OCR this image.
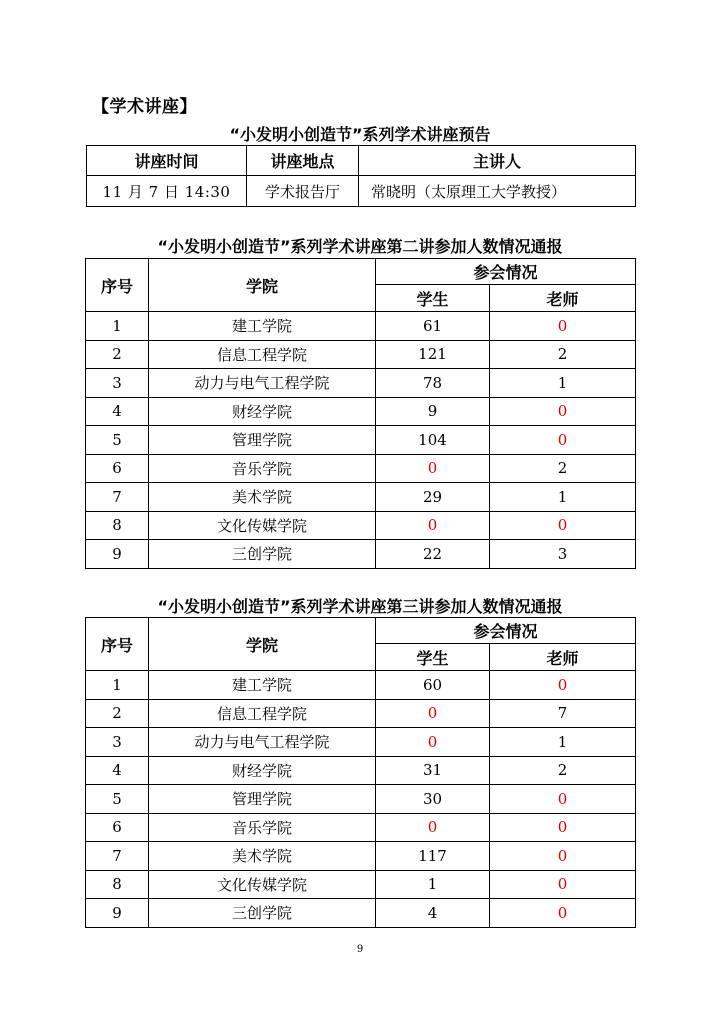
【学术讲座】
“小发明小创造节”系列学术讲座预告
讲座时间	讲座地点	主讲人
11 月 7 日 14:30	学术报告厅	常晓明（太原理工大学教授）
“小发明小创造节”系列学术讲座第二讲参加人数情况通报
序号	学院	参会情况	
		学生	老师
1	建工学院	61	0
2	信息工程学院	121	2
3	动力与电气工程学院	78	1
4	财经学院	9	0
5	管理学院	104	0
6	音乐学院	0	2
7	美术学院	29	1
8	文化传媒学院	0	0
9	三创学院	22	3
“小发明小创造节”系列学术讲座第三讲参加人数情况通报
序号	学院	参会情况	
		学生	老师
1	建工学院	60	0
2	信息工程学院	0	7
3	动力与电气工程学院	0	1
4	财经学院	31	2
5	管理学院	30	0
6	音乐学院	0	0
7	美术学院	117	0
8	文化传媒学院	1	0
9	三创学院	4	0
9
